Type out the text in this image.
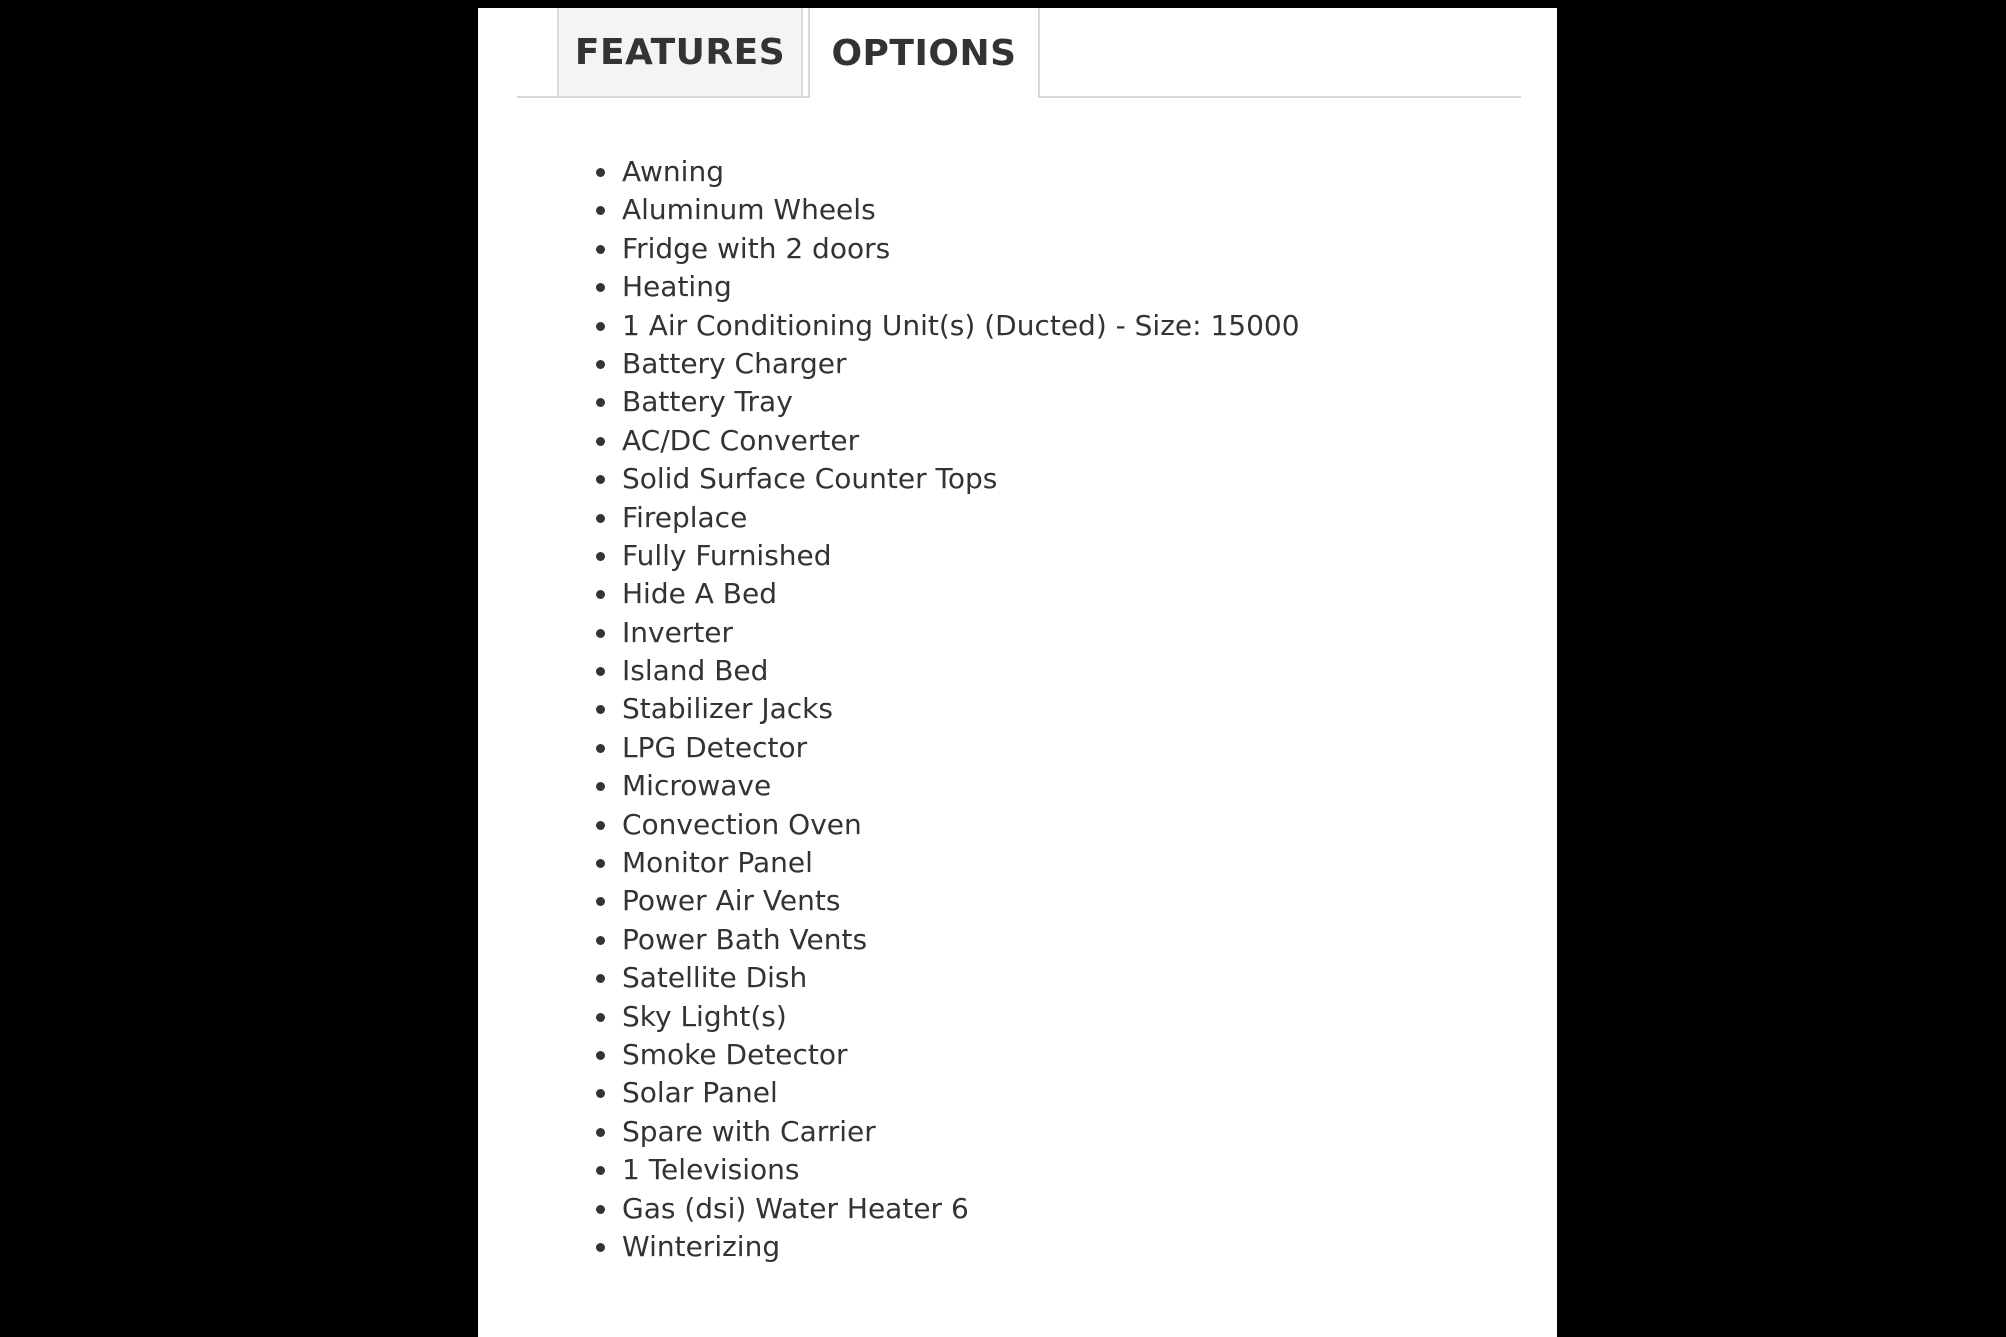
FEATURES	OPTIONS
Awning
Aluminum Wheels
Fridge with 2 doors
Heating
1 Air Conditioning Unit(s) (Ducted) - Size: 15000
Battery Charger
Battery Tray
AC/DC Converter
Solid Surface Counter Tops
Fireplace
Fully Furnished
Hide A Bed
Inverter
Island Bed
Stabilizer Jacks
LPG Detector
Microwave
Convection Oven
Monitor Panel
Power Air Vents
Power Bath Vents
Satellite Dish
Sky Light(s)
Smoke Detector
Solar Panel
Spare with Carrier
1 Televisions
Gas (dsi) Water Heater 6
Winterizing
